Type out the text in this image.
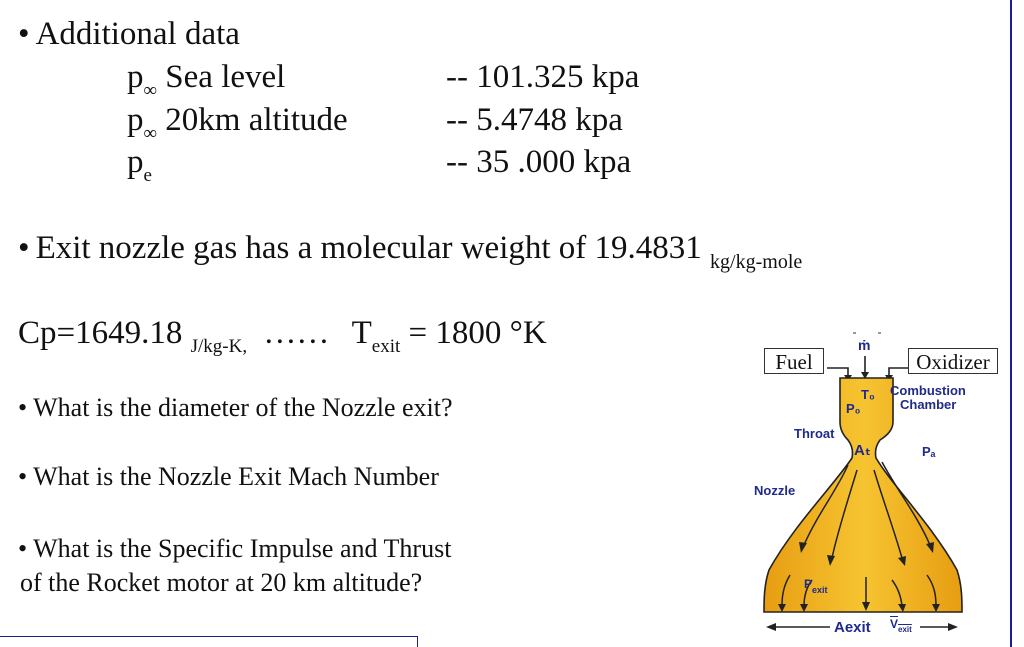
• Additional data
$p_\infty$ Sea level	-- 101.325 kpa
$p_\infty$ 20km altitude	-- 5.4748 kpa
$p_e$	-- 35 .000 kpa
• Exit nozzle gas has a molecular weight of 19.4831 $_{kg/kg-mole}$
Cp=1649.18 $_{J/kg-K,}$ …… $T_{exit} = 1800$ °K
• What is the diameter of the Nozzle exit?
• What is the Nozzle Exit Mach Number
• What is the Specific Impulse and Thrust
of the Rocket motor at 20 km altitude?
ṁ
Fuel	Oxidizer
T₀
P₀
Combustion
Chamber
Throat
Aₜ	Pₐ
Nozzle
$P_{exit}$
Aexit $V_{exit}$
